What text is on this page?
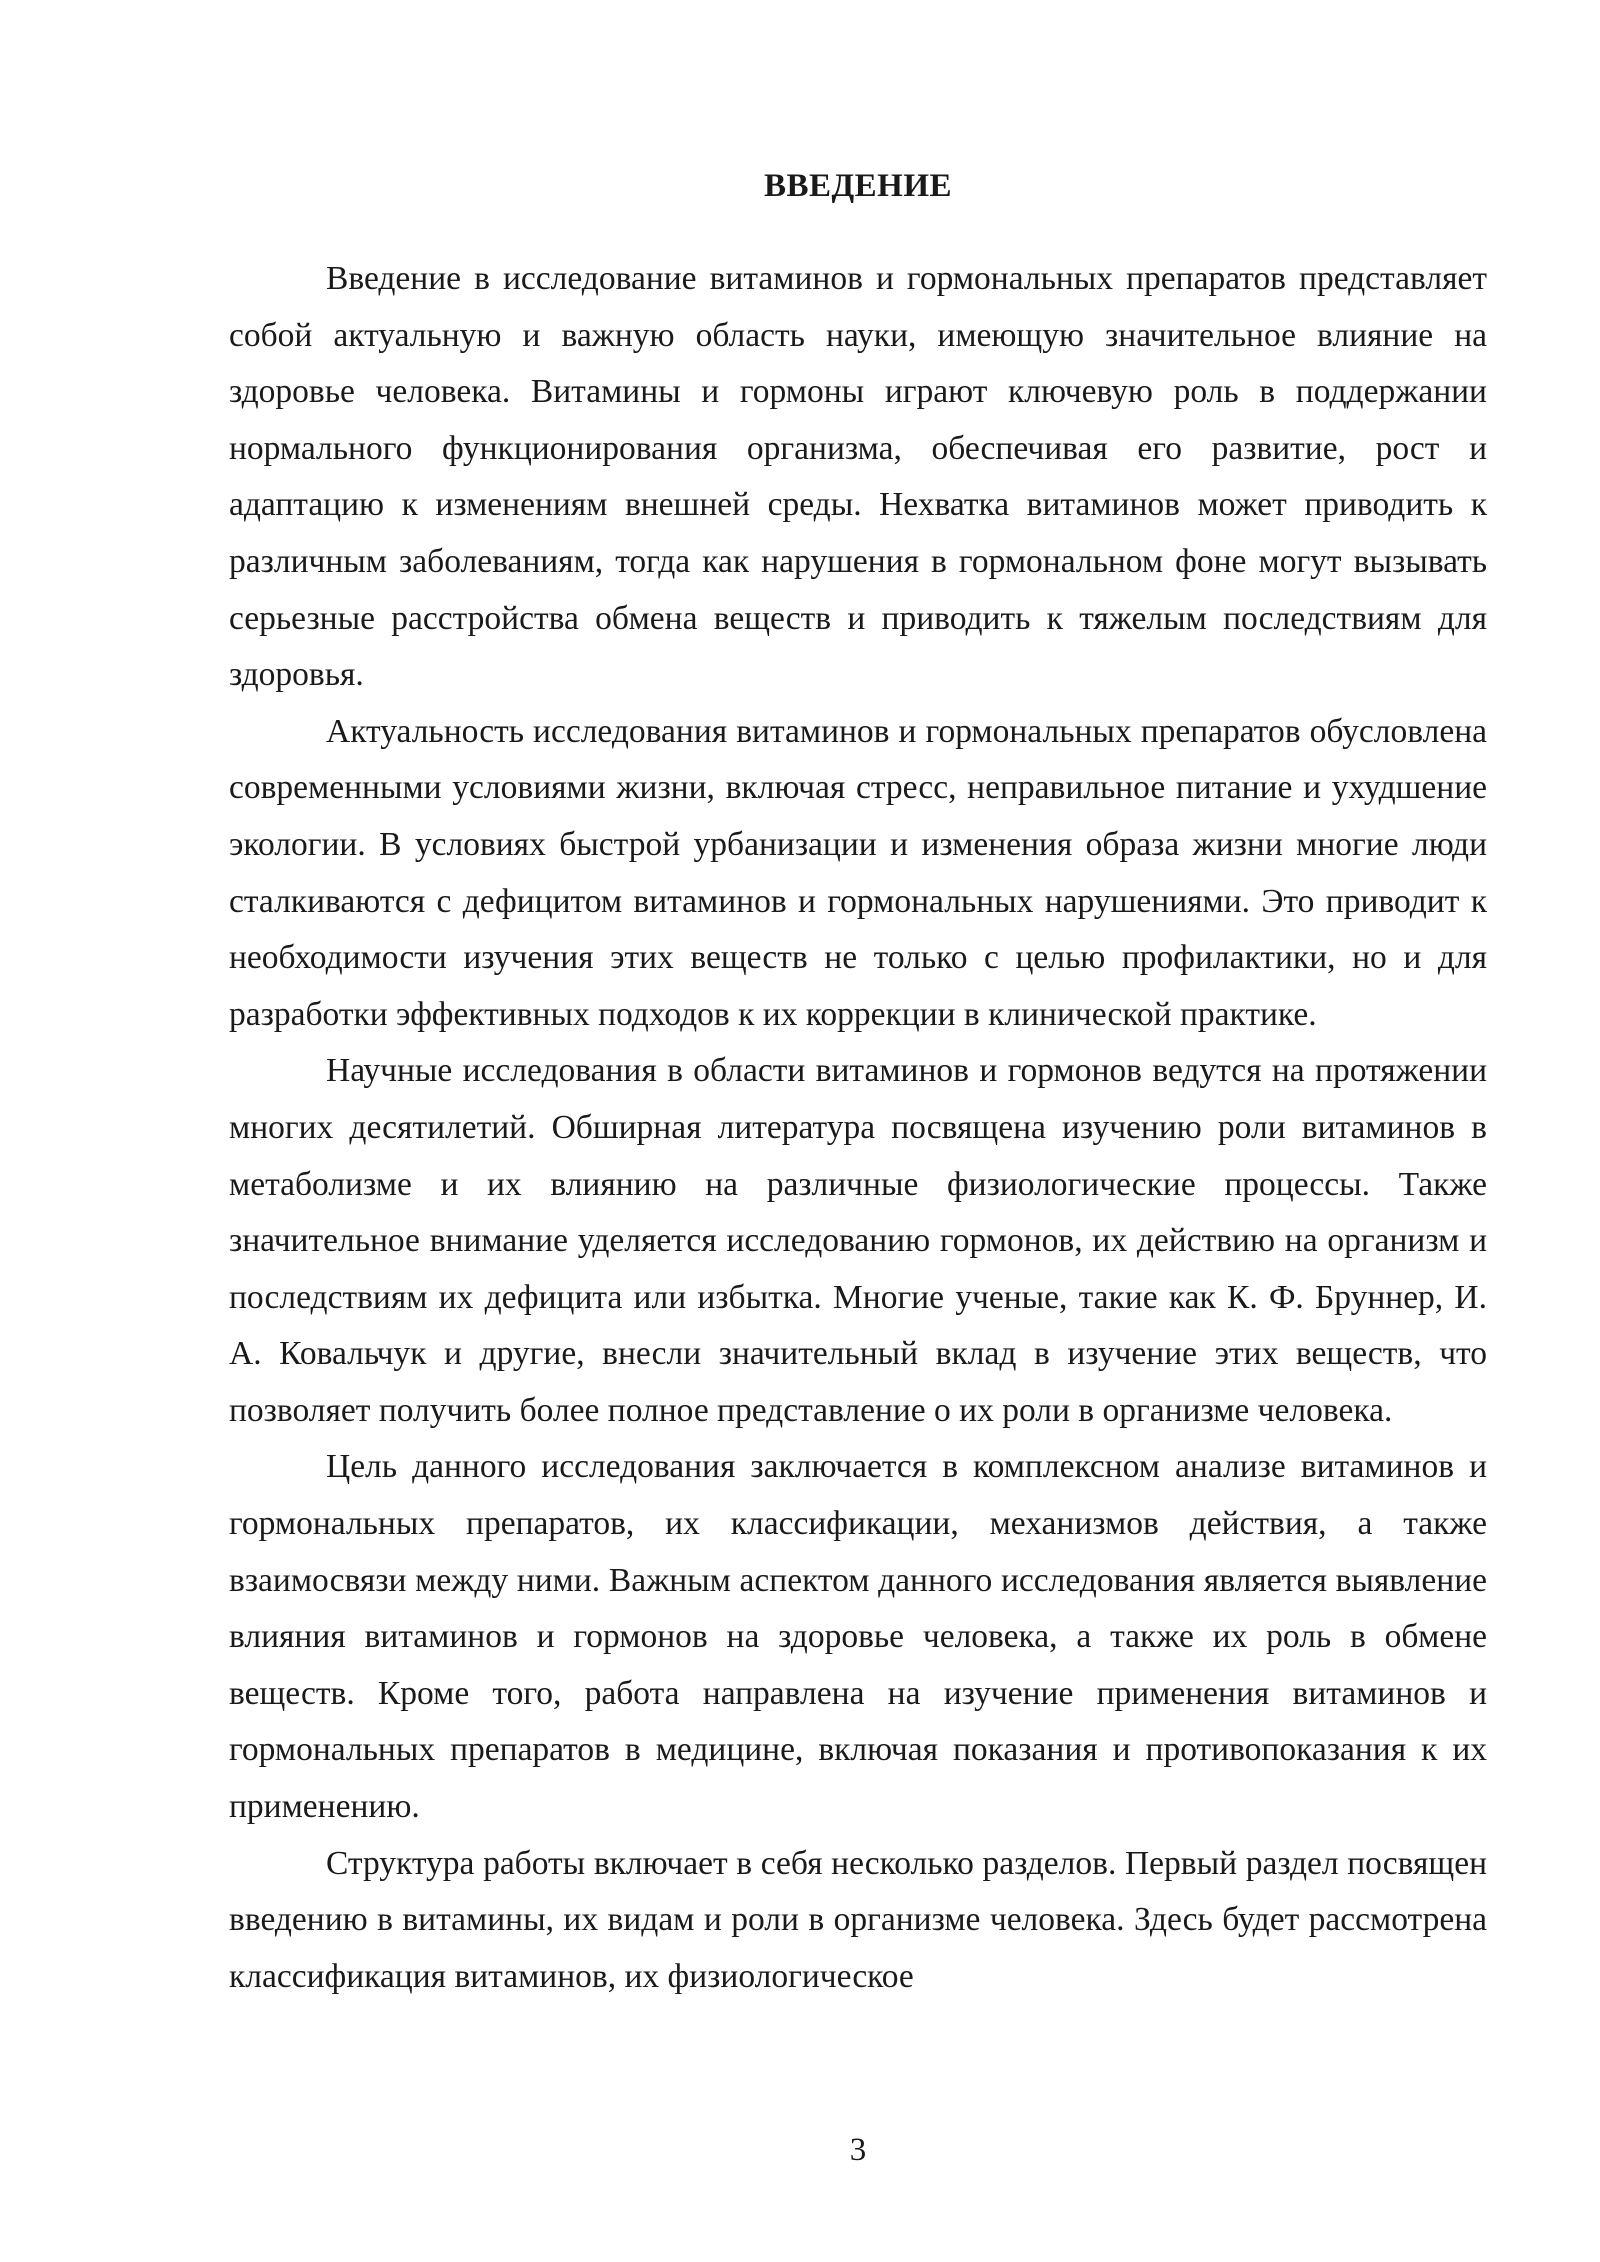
ВВЕДЕНИЕ

Введение в исследование витаминов и гормональных препаратов представляет собой актуальную и важную область науки, имеющую значительное влияние на здоровье человека. Витамины и гормоны играют ключевую роль в поддержании нормального функционирования организма, обеспечивая его развитие, рост и адаптацию к изменениям внешней среды. Нехватка витаминов может приводить к различным заболеваниям, тогда как нарушения в гормональном фоне могут вызывать серьезные расстройства обмена веществ и приводить к тяжелым последствиям для здоровья.

Актуальность исследования витаминов и гормональных препаратов обусловлена современными условиями жизни, включая стресс, неправильное питание и ухудшение экологии. В условиях быстрой урбанизации и изменения образа жизни многие люди сталкиваются с дефицитом витаминов и гормональных нарушениями. Это приводит к необходимости изучения этих веществ не только с целью профилактики, но и для разработки эффективных подходов к их коррекции в клинической практике.

Научные исследования в области витаминов и гормонов ведутся на протяжении многих десятилетий. Обширная литература посвящена изучению роли витаминов в метаболизме и их влиянию на различные физиологические процессы. Также значительное внимание уделяется исследованию гормонов, их действию на организм и последствиям их дефицита или избытка. Многие ученые, такие как К. Ф. Бруннер, И. А. Ковальчук и другие, внесли значительный вклад в изучение этих веществ, что позволяет получить более полное представление о их роли в организме человека.

Цель данного исследования заключается в комплексном анализе витаминов и гормональных препаратов, их классификации, механизмов действия, а также взаимосвязи между ними. Важным аспектом данного исследования является выявление влияния витаминов и гормонов на здоровье человека, а также их роль в обмене веществ. Кроме того, работа направлена на изучение применения витаминов и гормональных препаратов в медицине, включая показания и противопоказания к их применению.

Структура работы включает в себя несколько разделов. Первый раздел посвящен введению в витамины, их видам и роли в организме человека. Здесь будет рассмотрена классификация витаминов, их физиологическое

3
